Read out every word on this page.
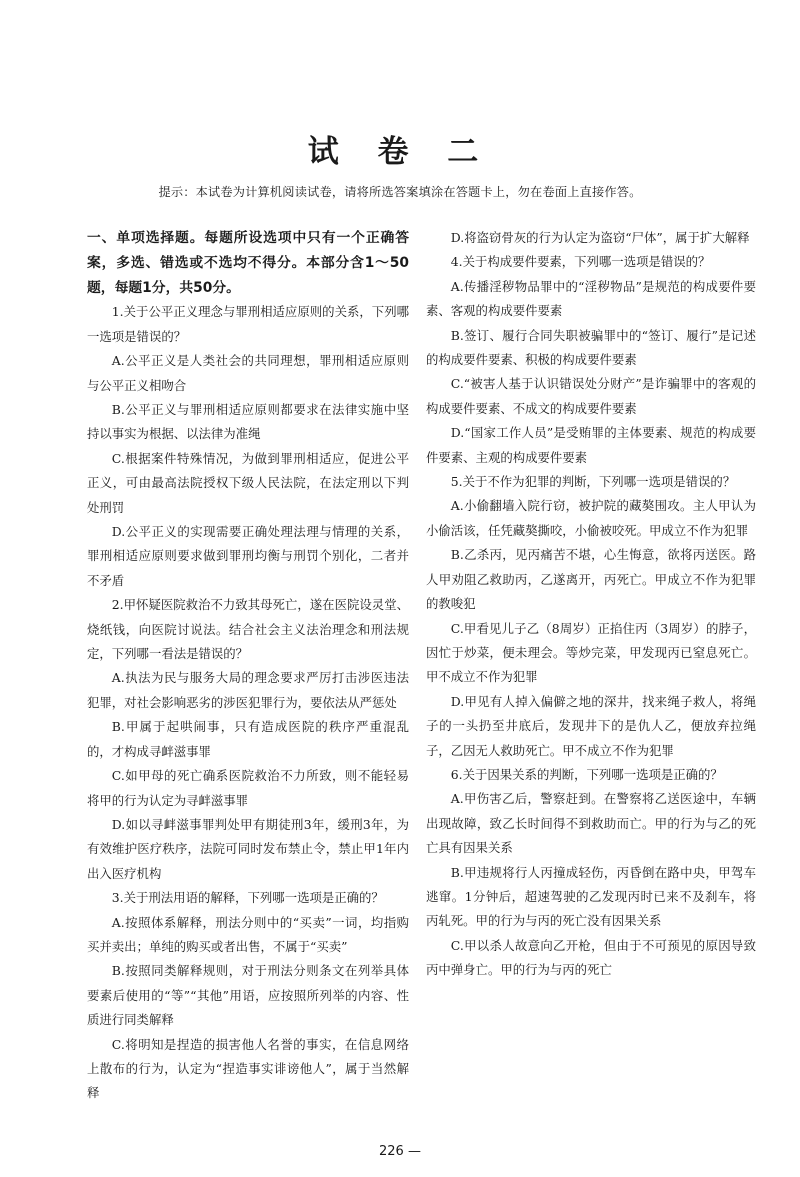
试 卷 二
提示：本试卷为计算机阅读试卷，请将所选答案填涂在答题卡上，勿在卷面上直接作答。

一、单项选择题。每题所设选项中只有一个正确答案，多选、错选或不选均不得分。本部分含1～50题，每题1分，共50分。

1.关于公平正义理念与罪刑相适应原则的关系，下列哪一选项是错误的？

A.公平正义是人类社会的共同理想，罪刑相适应原则与公平正义相吻合

B.公平正义与罪刑相适应原则都要求在法律实施中坚持以事实为根据、以法律为准绳

C.根据案件特殊情况，为做到罪刑相适应，促进公平正义，可由最高法院授权下级人民法院，在法定刑以下判处刑罚

D.公平正义的实现需要正确处理法理与情理的关系，罪刑相适应原则要求做到罪刑均衡与刑罚个别化，二者并不矛盾

2.甲怀疑医院救治不力致其母死亡，遂在医院设灵堂、烧纸钱，向医院讨说法。结合社会主义法治理念和刑法规定，下列哪一看法是错误的？

A.执法为民与服务大局的理念要求严厉打击涉医违法犯罪，对社会影响恶劣的涉医犯罪行为，要依法从严惩处

B.甲属于起哄闹事，只有造成医院的秩序严重混乱的，才构成寻衅滋事罪

C.如甲母的死亡确系医院救治不力所致，则不能轻易将甲的行为认定为寻衅滋事罪

D.如以寻衅滋事罪判处甲有期徒刑3年，缓刑3年，为有效维护医疗秩序，法院可同时发布禁止令，禁止甲1年内出入医疗机构

3.关于刑法用语的解释，下列哪一选项是正确的？

A.按照体系解释，刑法分则中的“买卖”一词，均指购买并卖出；单纯的购买或者出售，不属于“买卖”

B.按照同类解释规则，对于刑法分则条文在列举具体要素后使用的“等”“其他”用语，应按照所列举的内容、性质进行同类解释

C.将明知是捏造的损害他人名誉的事实，在信息网络上散布的行为，认定为“捏造事实诽谤他人”，属于当然解释

D.将盗窃骨灰的行为认定为盗窃“尸体”，属于扩大解释

4.关于构成要件要素，下列哪一选项是错误的？

A.传播淫秽物品罪中的“淫秽物品”是规范的构成要件要素、客观的构成要件要素

B.签订、履行合同失职被骗罪中的“签订、履行”是记述的构成要件要素、积极的构成要件要素

C.“被害人基于认识错误处分财产”是诈骗罪中的客观的构成要件要素、不成文的构成要件要素

D.“国家工作人员”是受贿罪的主体要素、规范的构成要件要素、主观的构成要件要素

5.关于不作为犯罪的判断，下列哪一选项是错误的？

A.小偷翻墙入院行窃，被护院的藏獒围攻。主人甲认为小偷活该，任凭藏獒撕咬，小偷被咬死。甲成立不作为犯罪

B.乙杀丙，见丙痛苦不堪，心生悔意，欲将丙送医。路人甲劝阻乙救助丙，乙遂离开，丙死亡。甲成立不作为犯罪的教唆犯

C.甲看见儿子乙（8周岁）正掐住丙（3周岁）的脖子，因忙于炒菜，便未理会。等炒完菜，甲发现丙已窒息死亡。甲不成立不作为犯罪

D.甲见有人掉入偏僻之地的深井，找来绳子救人，将绳子的一头扔至井底后，发现井下的是仇人乙，便放弃拉绳子，乙因无人救助死亡。甲不成立不作为犯罪

6.关于因果关系的判断，下列哪一选项是正确的？

A.甲伤害乙后，警察赶到。在警察将乙送医途中，车辆出现故障，致乙长时间得不到救助而亡。甲的行为与乙的死亡具有因果关系

B.甲违规将行人丙撞成轻伤，丙昏倒在路中央，甲驾车逃窜。1分钟后，超速驾驶的乙发现丙时已来不及刹车，将丙轧死。甲的行为与丙的死亡没有因果关系

C.甲以杀人故意向乙开枪，但由于不可预见的原因导致丙中弹身亡。甲的行为与丙的死亡

226 —
